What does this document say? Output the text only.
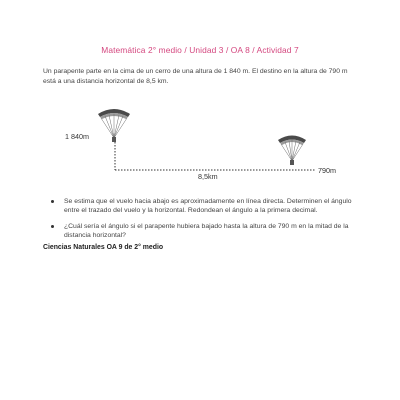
Matemática 2° medio / Unidad 3 / OA 8 / Actividad 7
Un parapente parte en la cima de un cerro de una altura de 1 840 m. El destino en la altura de 790 m está a una distancia horizontal de 8,5 km.
1 840m
790m
8,5km
Se estima que el vuelo hacia abajo es aproximadamente en línea directa. Determinen el ángulo entre el trazado del vuelo y la horizontal. Redondean el ángulo a la primera decimal.
¿Cuál sería el ángulo si el parapente hubiera bajado hasta la altura de 790 m en la mitad de la distancia horizontal?
Ciencias Naturales OA 9 de 2° medio
